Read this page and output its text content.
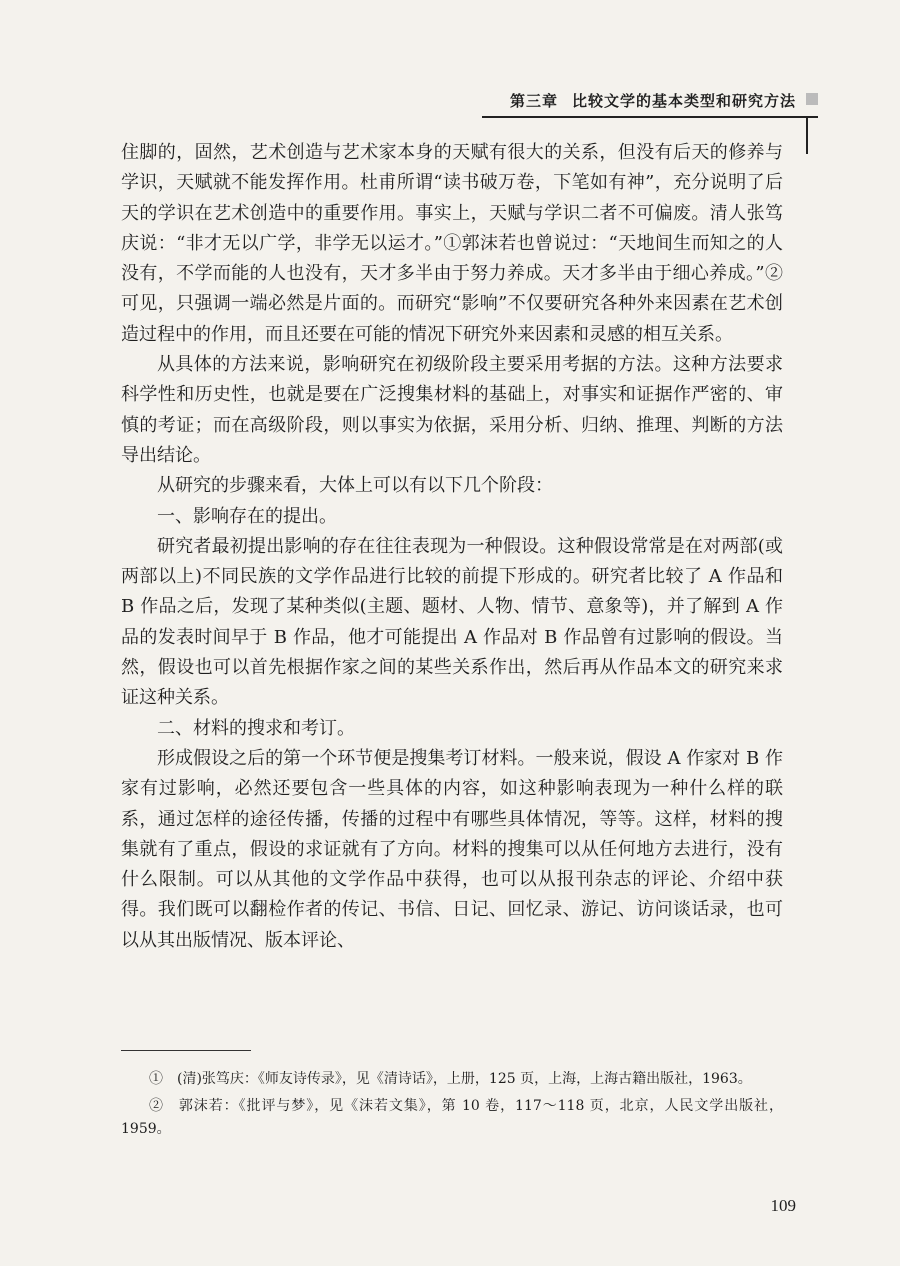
第三章 比较文学的基本类型和研究方法

住脚的，固然，艺术创造与艺术家本身的天赋有很大的关系，但没有后天的修养与学识，天赋就不能发挥作用。杜甫所谓“读书破万卷，下笔如有神”，充分说明了后天的学识在艺术创造中的重要作用。事实上，天赋与学识二者不可偏废。清人张笃庆说：“非才无以广学，非学无以运才。”①郭沫若也曾说过：“天地间生而知之的人没有，不学而能的人也没有，天才多半由于努力养成。天才多半由于细心养成。”②可见，只强调一端必然是片面的。而研究“影响”不仅要研究各种外来因素在艺术创造过程中的作用，而且还要在可能的情况下研究外来因素和灵感的相互关系。

从具体的方法来说，影响研究在初级阶段主要采用考据的方法。这种方法要求科学性和历史性，也就是要在广泛搜集材料的基础上，对事实和证据作严密的、审慎的考证；而在高级阶段，则以事实为依据，采用分析、归纳、推理、判断的方法导出结论。

从研究的步骤来看，大体上可以有以下几个阶段：

一、影响存在的提出。

研究者最初提出影响的存在往往表现为一种假设。这种假设常常是在对两部(或两部以上)不同民族的文学作品进行比较的前提下形成的。研究者比较了 A 作品和 B 作品之后，发现了某种类似(主题、题材、人物、情节、意象等)，并了解到 A 作品的发表时间早于 B 作品，他才可能提出 A 作品对 B 作品曾有过影响的假设。当然，假设也可以首先根据作家之间的某些关系作出，然后再从作品本文的研究来求证这种关系。

二、材料的搜求和考订。

形成假设之后的第一个环节便是搜集考订材料。一般来说，假设 A 作家对 B 作家有过影响，必然还要包含一些具体的内容，如这种影响表现为一种什么样的联系，通过怎样的途径传播，传播的过程中有哪些具体情况，等等。这样，材料的搜集就有了重点，假设的求证就有了方向。材料的搜集可以从任何地方去进行，没有什么限制。可以从其他的文学作品中获得，也可以从报刊杂志的评论、介绍中获得。我们既可以翻检作者的传记、书信、日记、回忆录、游记、访问谈话录，也可以从其出版情况、版本评论、

①　(清)张笃庆：《师友诗传录》，见《清诗话》，上册，125 页，上海，上海古籍出版社，1963。

②　郭沫若：《批评与梦》，见《沫若文集》，第 10 卷，117～118 页，北京，人民文学出版社，1959。

109
